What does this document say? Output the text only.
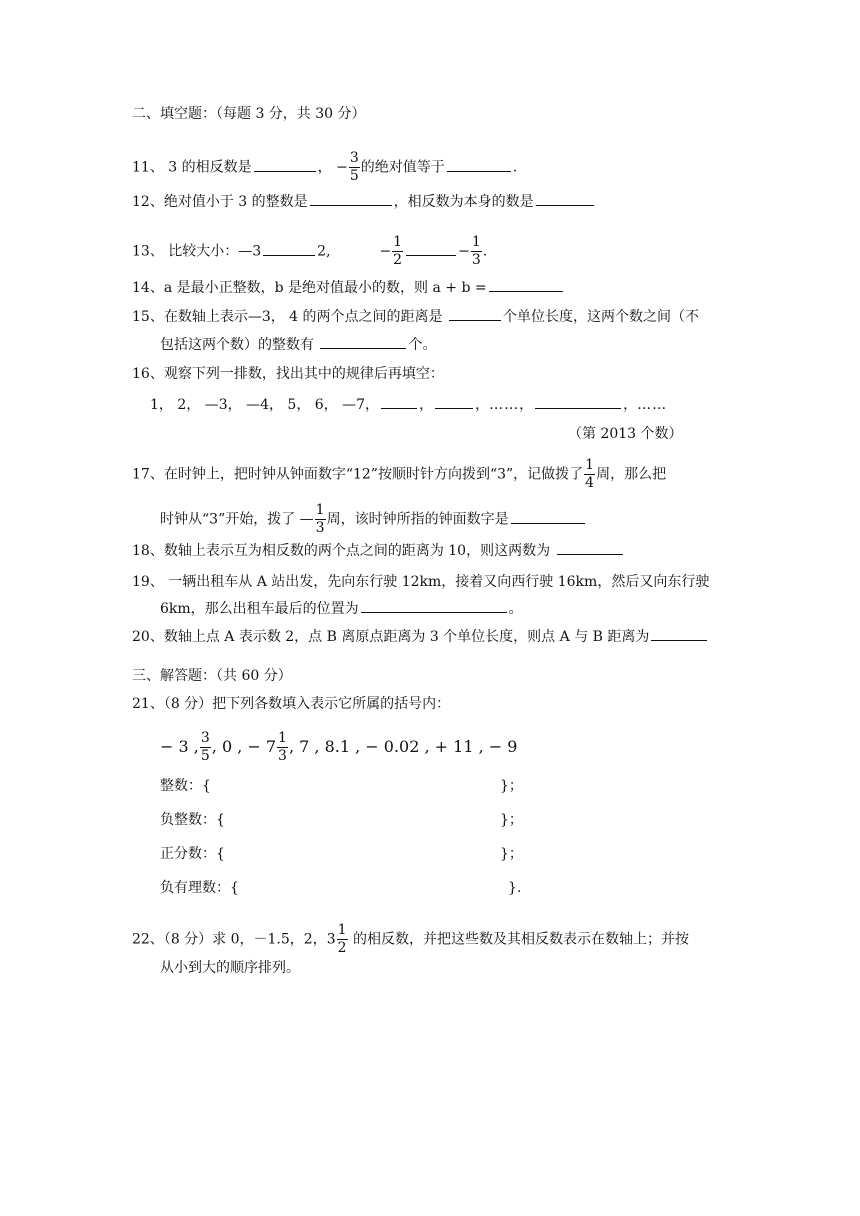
二、填空题：（每题 3 分，共 30 分）
11、 3 的相反数是	， − $\frac{3}{5}$ 的绝对值等于	.
12、绝对值小于 3 的整数是	，相反数为本身的数是
13、 比较大小：—3	2,	− $\frac{1}{2}$	− $\frac{1}{3}$ .
14、a 是最小正整数，b 是绝对值最小的数，则 a + b =
15、在数轴上表示—3， 4 的两个点之间的距离是	个单位长度，这两个数之间（不
包括这两个数）的整数有	个。
16、观察下列一排数，找出其中的规律后再填空：
1， 2， —3， —4， 5， 6， —7，	，	，……，	，……
（第 2013 个数）
17、在时钟上，把时钟从钟面数字“12”按顺时针方向拨到“3”，记做拨了 $\frac{1}{4}$ 周，那么把
时钟从“3”开始，拨了 — $\frac{1}{3}$ 周，该时钟所指的钟面数字是
18、数轴上表示互为相反数的两个点之间的距离为 10，则这两数为
19、 一辆出租车从 A 站出发，先向东行驶 12km，接着又向西行驶 16km，然后又向东行驶
6km，那么出租车最后的位置为	。
20、数轴上点 A 表示数 2，点 B 离原点距离为 3 个单位长度，则点 A 与 B 距离为
三、解答题：（共 60 分）
21、（8 分）把下列各数填入表示它所属的括号内：
− 3 , $\frac{3}{5}$ , 0 , − $7 \frac{1}{3}$ , 7 , 8.1 , − 0.02 , + 11 , − 9
整数：{	}；
负整数：{	}；
正分数：{	}；
负有理数：{	}.
22、（8 分）求 0，－1.5，2，$3 \frac{1}{2}$ 的相反数，并把这些数及其相反数表示在数轴上；并按
从小到大的顺序排列。
